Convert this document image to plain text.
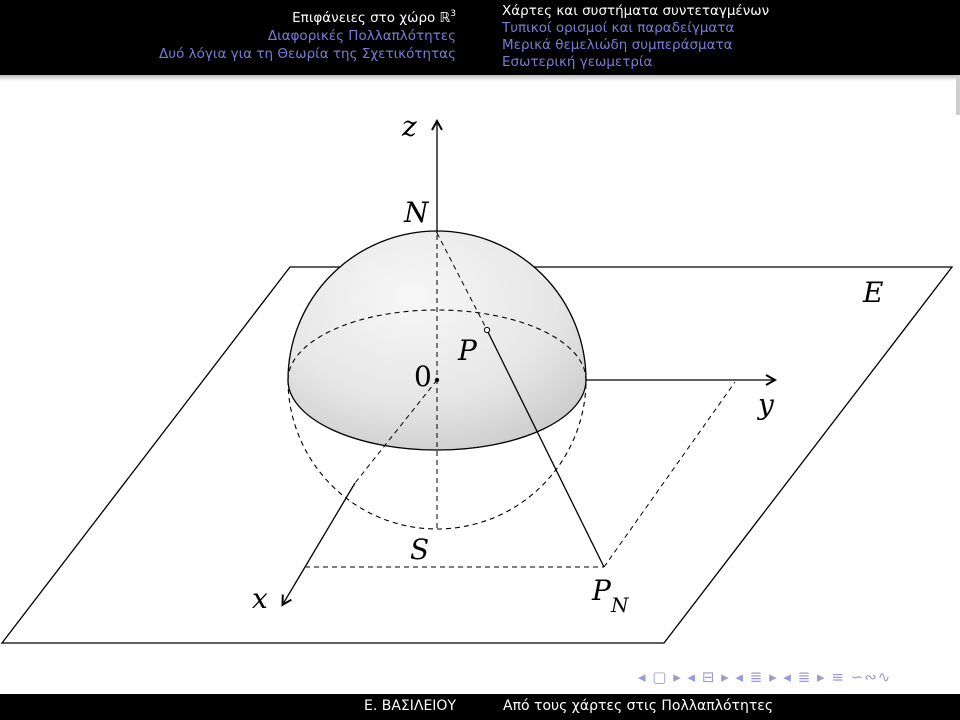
Επιφάνειες στο χώρο ℝ$^3$
Διαφορικές Πολλαπλότητες
Δυό λόγια για τη Θεωρία της Σχετικότητας
Χάρτες και συστήματα συντεταγμένων
Τυπικοί ορισμοί και παραδείγματα
Μερικά θεμελιώδη συμπεράσματα
Εσωτερική γεωμετρία
z
N
E
P
0
y
S
x	P N
◂ ▢ ▸ ◂ ⊟ ▸ ◂ ≣ ▸ ◂ ≣ ▸ ≡ ∽∾∿
Ε. ΒΑΣΙΛΕΙΟΥ	Από τους χάρτες στις Πολλαπλότητες
